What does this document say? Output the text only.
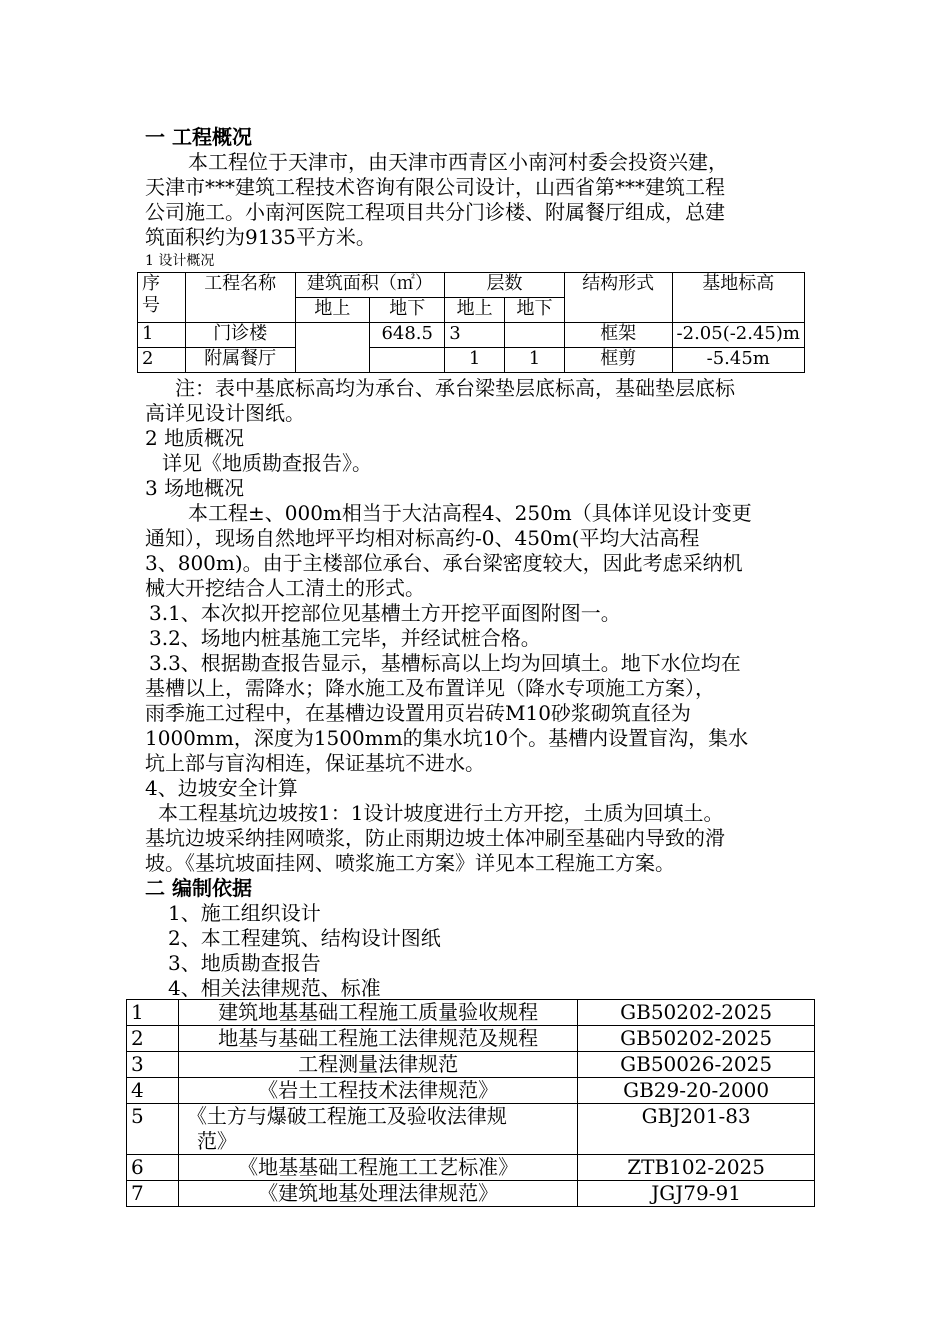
一 工程概况
本工程位于天津市，由天津市西青区小南河村委会投资兴建，
天津市***建筑工程技术咨询有限公司设计，山西省第***建筑工程
公司施工。小南河医院工程项目共分门诊楼、附属餐厅组成，总建
筑面积约为9135平方米。
1 设计概况
序
号	工程名称	建筑面积（㎡）		层数		结构形式	基地标高
		地上	地下	地上	地下		
1	门诊楼		648.5	3		框架	-2.05(-2.45)m
2	附属餐厅			1	1	框剪	-5.45m
注：表中基底标高均为承台、承台梁垫层底标高，基础垫层底标
高详见设计图纸。
2 地质概况
详见《地质勘查报告》。
3 场地概况
本工程±、000m相当于大沽高程4、250m（具体详见设计变更
通知），现场自然地坪平均相对标高约-0、450m(平均大沽高程
3、800m)。由于主楼部位承台、承台梁密度较大，因此考虑采纳机
械大开挖结合人工清土的形式。
3.1、本次拟开挖部位见基槽土方开挖平面图附图一。
3.2、场地内桩基施工完毕，并经试桩合格。
3.3、根据勘查报告显示，基槽标高以上均为回填土。地下水位均在
基槽以上，需降水；降水施工及布置详见（降水专项施工方案），
雨季施工过程中，在基槽边设置用页岩砖M10砂浆砌筑直径为
1000mm，深度为1500mm的集水坑10个。基槽内设置盲沟，集水
坑上部与盲沟相连，保证基坑不进水。
4、边坡安全计算
本工程基坑边坡按1：1设计坡度进行土方开挖，土质为回填土。
基坑边坡采纳挂网喷浆，防止雨期边坡土体冲刷至基础内导致的滑
坡。《基坑坡面挂网、喷浆施工方案》详见本工程施工方案。
二 编制依据
1、施工组织设计
2、本工程建筑、结构设计图纸
3、地质勘查报告
4、相关法律规范、标准
1	建筑地基基础工程施工质量验收规程	GB50202-2025
2	地基与基础工程施工法律规范及规程	GB50202-2025
3	工程测量法律规范	GB50026-2025
4	《岩土工程技术法律规范》	GB29-20-2000
5	《土方与爆破工程施工及验收法律规
范》	GBJ201-83
6	《地基基础工程施工工艺标准》	ZTB102-2025
7	《建筑地基处理法律规范》	JGJ79-91
